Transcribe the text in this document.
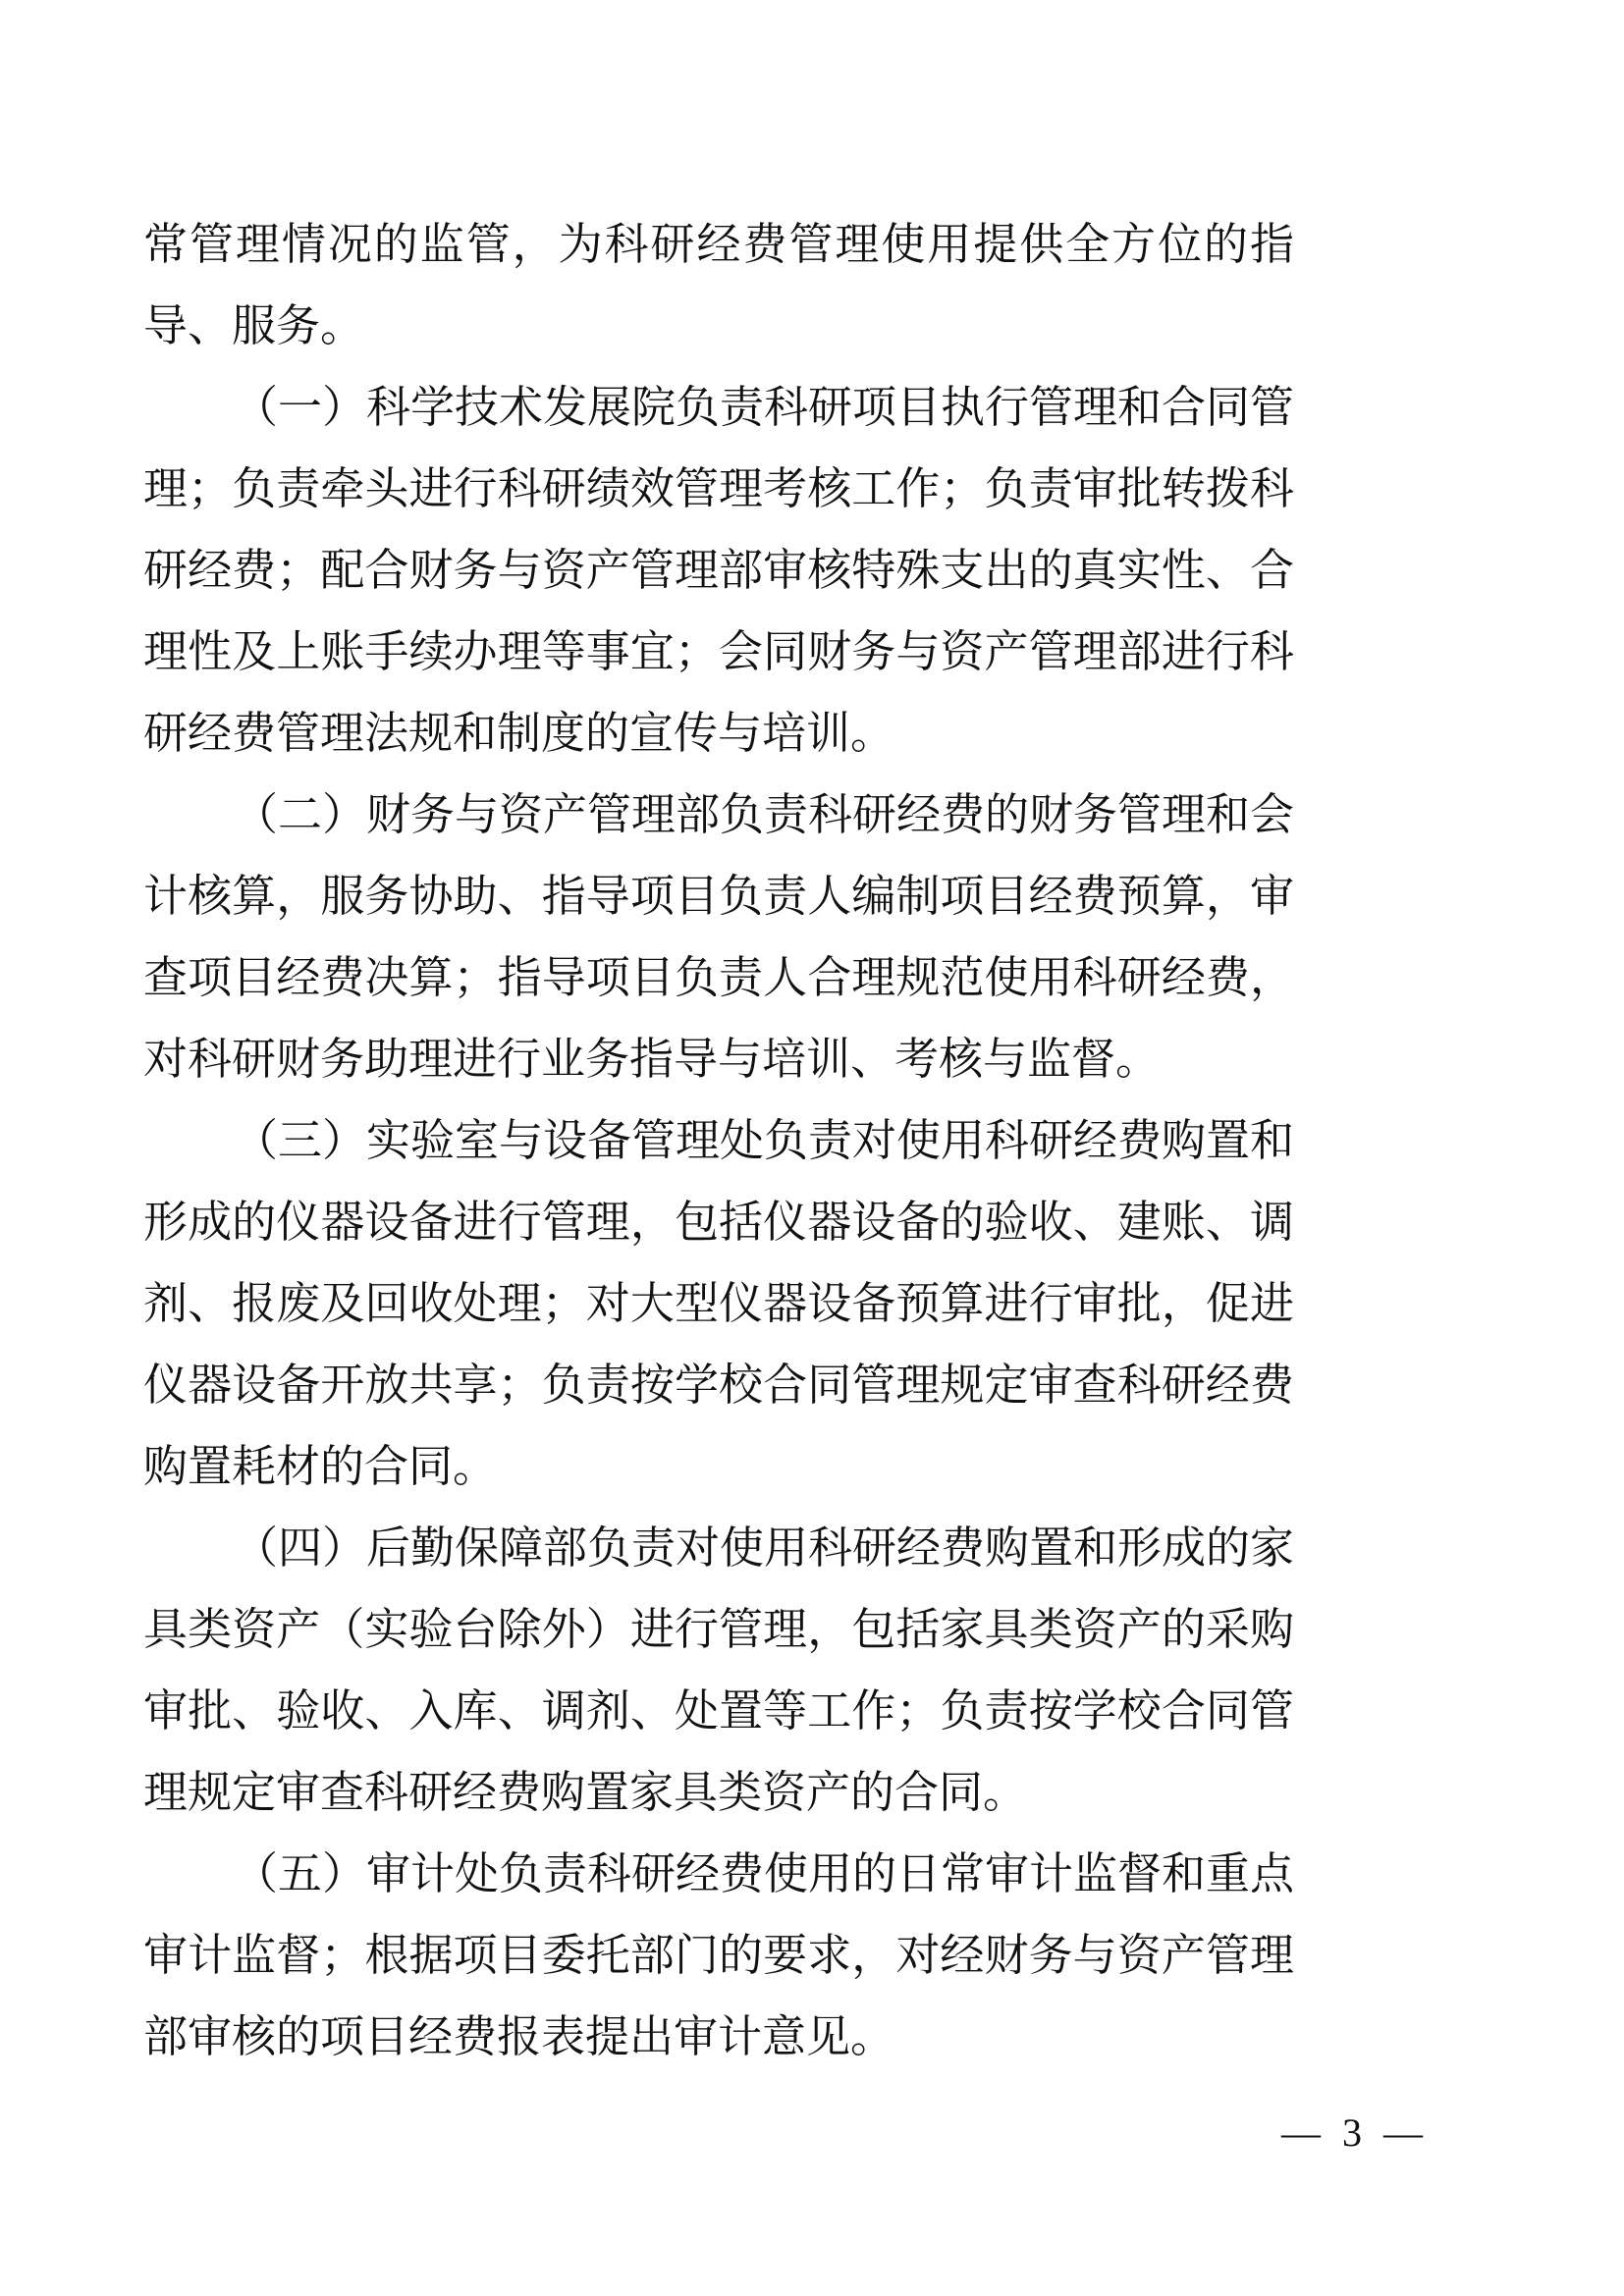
常管理情况的监管，为科研经费管理使用提供全方位的指导、服务。

（一）科学技术发展院负责科研项目执行管理和合同管理；负责牵头进行科研绩效管理考核工作；负责审批转拨科研经费；配合财务与资产管理部审核特殊支出的真实性、合理性及上账手续办理等事宜；会同财务与资产管理部进行科研经费管理法规和制度的宣传与培训。

（二）财务与资产管理部负责科研经费的财务管理和会计核算，服务协助、指导项目负责人编制项目经费预算，审查项目经费决算；指导项目负责人合理规范使用科研经费，对科研财务助理进行业务指导与培训、考核与监督。

（三）实验室与设备管理处负责对使用科研经费购置和形成的仪器设备进行管理，包括仪器设备的验收、建账、调剂、报废及回收处理；对大型仪器设备预算进行审批，促进仪器设备开放共享；负责按学校合同管理规定审查科研经费购置耗材的合同。

（四）后勤保障部负责对使用科研经费购置和形成的家具类资产（实验台除外）进行管理，包括家具类资产的采购审批、验收、入库、调剂、处置等工作；负责按学校合同管理规定审查科研经费购置家具类资产的合同。

（五）审计处负责科研经费使用的日常审计监督和重点审计监督；根据项目委托部门的要求，对经财务与资产管理部审核的项目经费报表提出审计意见。

— 3 —
